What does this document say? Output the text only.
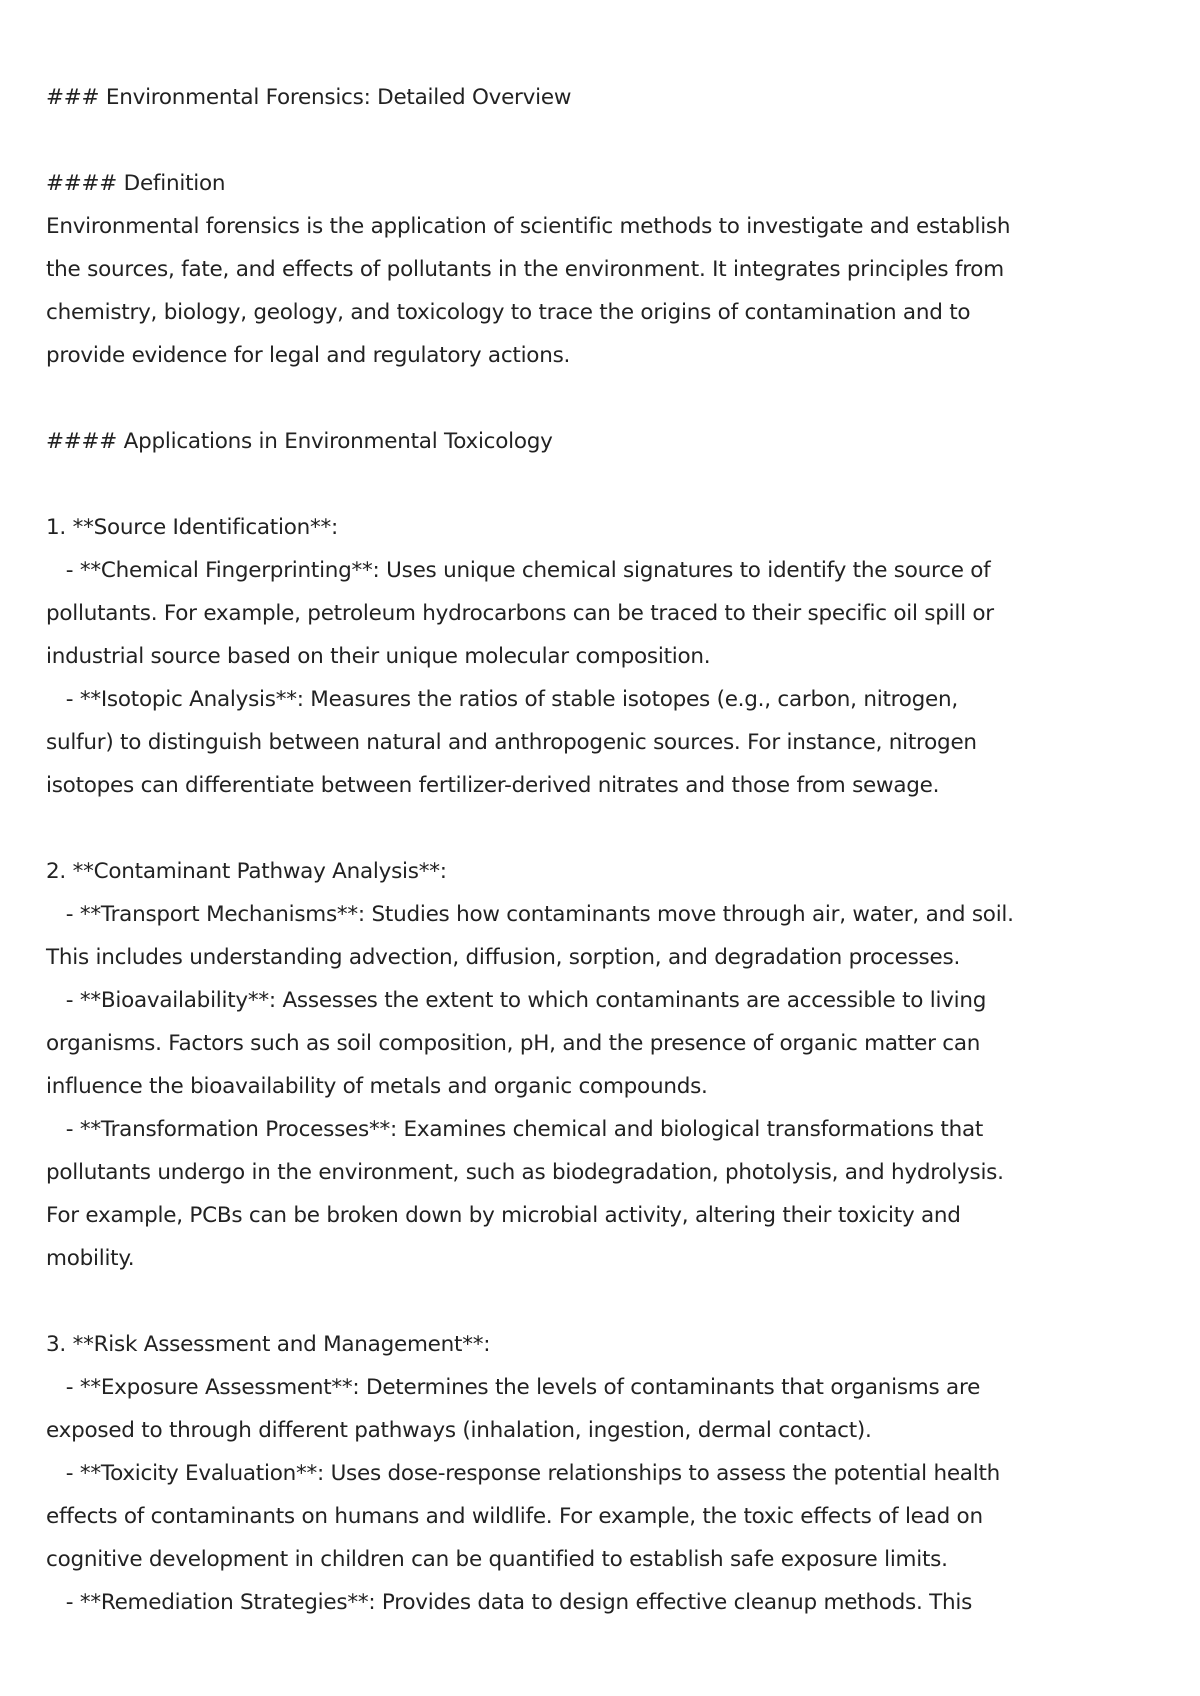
### Environmental Forensics: Detailed Overview
#### Definition
Environmental forensics is the application of scientific methods to investigate and establish
the sources, fate, and effects of pollutants in the environment. It integrates principles from
chemistry, biology, geology, and toxicology to trace the origins of contamination and to
provide evidence for legal and regulatory actions.
#### Applications in Environmental Toxicology
1. **Source Identification**:
- **Chemical Fingerprinting**: Uses unique chemical signatures to identify the source of
pollutants. For example, petroleum hydrocarbons can be traced to their specific oil spill or
industrial source based on their unique molecular composition.
- **Isotopic Analysis**: Measures the ratios of stable isotopes (e.g., carbon, nitrogen,
sulfur) to distinguish between natural and anthropogenic sources. For instance, nitrogen
isotopes can differentiate between fertilizer-derived nitrates and those from sewage.
2. **Contaminant Pathway Analysis**:
- **Transport Mechanisms**: Studies how contaminants move through air, water, and soil.
This includes understanding advection, diffusion, sorption, and degradation processes.
- **Bioavailability**: Assesses the extent to which contaminants are accessible to living
organisms. Factors such as soil composition, pH, and the presence of organic matter can
influence the bioavailability of metals and organic compounds.
- **Transformation Processes**: Examines chemical and biological transformations that
pollutants undergo in the environment, such as biodegradation, photolysis, and hydrolysis.
For example, PCBs can be broken down by microbial activity, altering their toxicity and
mobility.
3. **Risk Assessment and Management**:
- **Exposure Assessment**: Determines the levels of contaminants that organisms are
exposed to through different pathways (inhalation, ingestion, dermal contact).
- **Toxicity Evaluation**: Uses dose-response relationships to assess the potential health
effects of contaminants on humans and wildlife. For example, the toxic effects of lead on
cognitive development in children can be quantified to establish safe exposure limits.
- **Remediation Strategies**: Provides data to design effective cleanup methods. This
